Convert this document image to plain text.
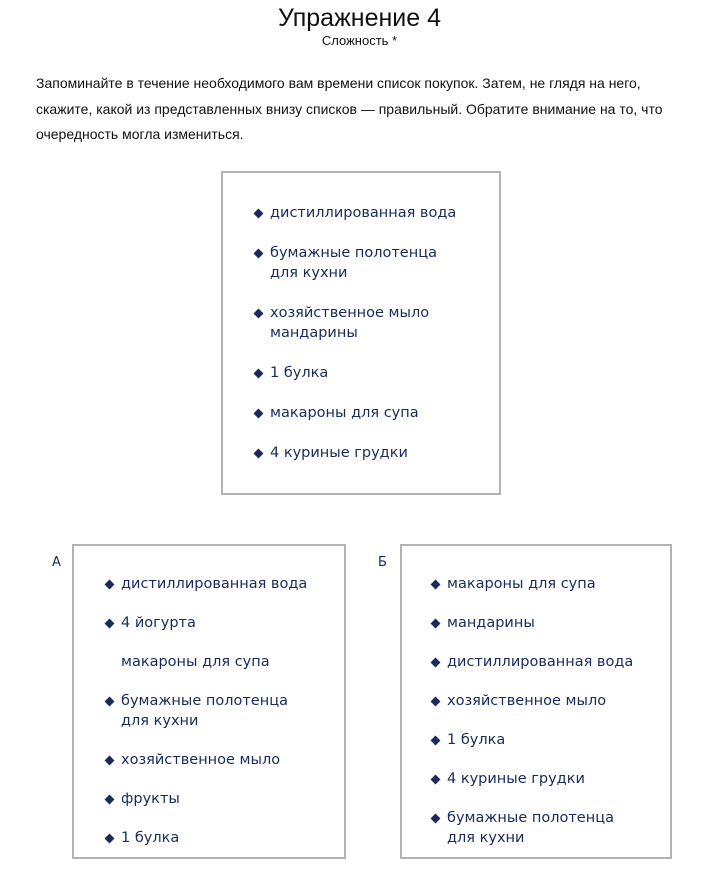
Упражнение 4
Сложность *

Запоминайте в течение необходимого вам времени список покупок. Затем, не глядя на него, скажите, какой из представленных внизу списков — правильный. Обратите внимание на то, что очередность могла измениться.

дистиллированная вода
бумажные полотенца
для кухни
хозяйственное мыло
мандарины
1 булка
макароны для супа
4 куриные грудки
А
дистиллированная вода
4 йогурта
макароны для супа
бумажные полотенца
для кухни
хозяйственное мыло
фрукты
1 булка
Б
макароны для супа
мандарины
дистиллированная вода
хозяйственное мыло
1 булка
4 куриные грудки
бумажные полотенца
для кухни
